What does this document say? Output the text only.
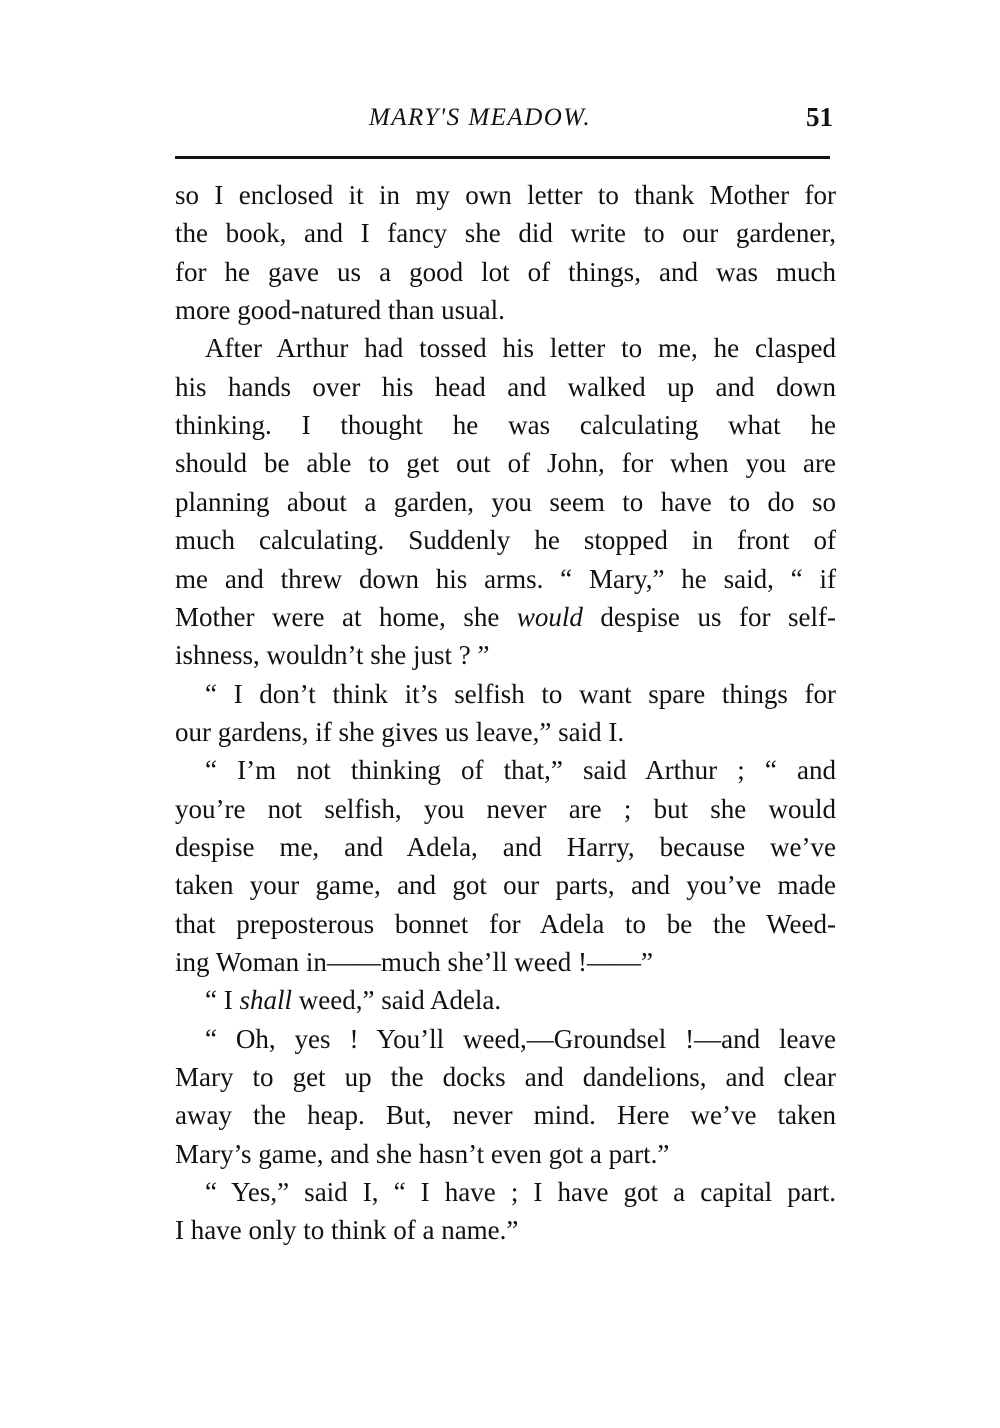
MARY'S MEADOW.	51
so I enclosed it in my own letter to thank Mother for
the book, and I fancy she did write to our gardener,
for he gave us a good lot of things, and was much
more good-natured than usual.
After Arthur had tossed his letter to me, he clasped
his hands over his head and walked up and down
thinking. I thought he was calculating what he
should be able to get out of John, for when you are
planning about a garden, you seem to have to do so
much calculating. Suddenly he stopped in front of
me and threw down his arms. “ Mary,” he said, “ if
Mother were at home, she would despise us for self-
ishness, wouldn’t she just ? ”
“ I don’t think it’s selfish to want spare things for
our gardens, if she gives us leave,” said I.
“ I’m not thinking of that,” said Arthur ; “ and
you’re not selfish, you never are ; but she would
despise me, and Adela, and Harry, because we’ve
taken your game, and got our parts, and you’ve made
that preposterous bonnet for Adela to be the Weed-
ing Woman in——much she’ll weed !——”
“ I shall weed,” said Adela.
“ Oh, yes ! You’ll weed,—Groundsel !—and leave
Mary to get up the docks and dandelions, and clear
away the heap. But, never mind. Here we’ve taken
Mary’s game, and she hasn’t even got a part.”
“ Yes,” said I, “ I have ; I have got a capital part.
I have only to think of a name.”
